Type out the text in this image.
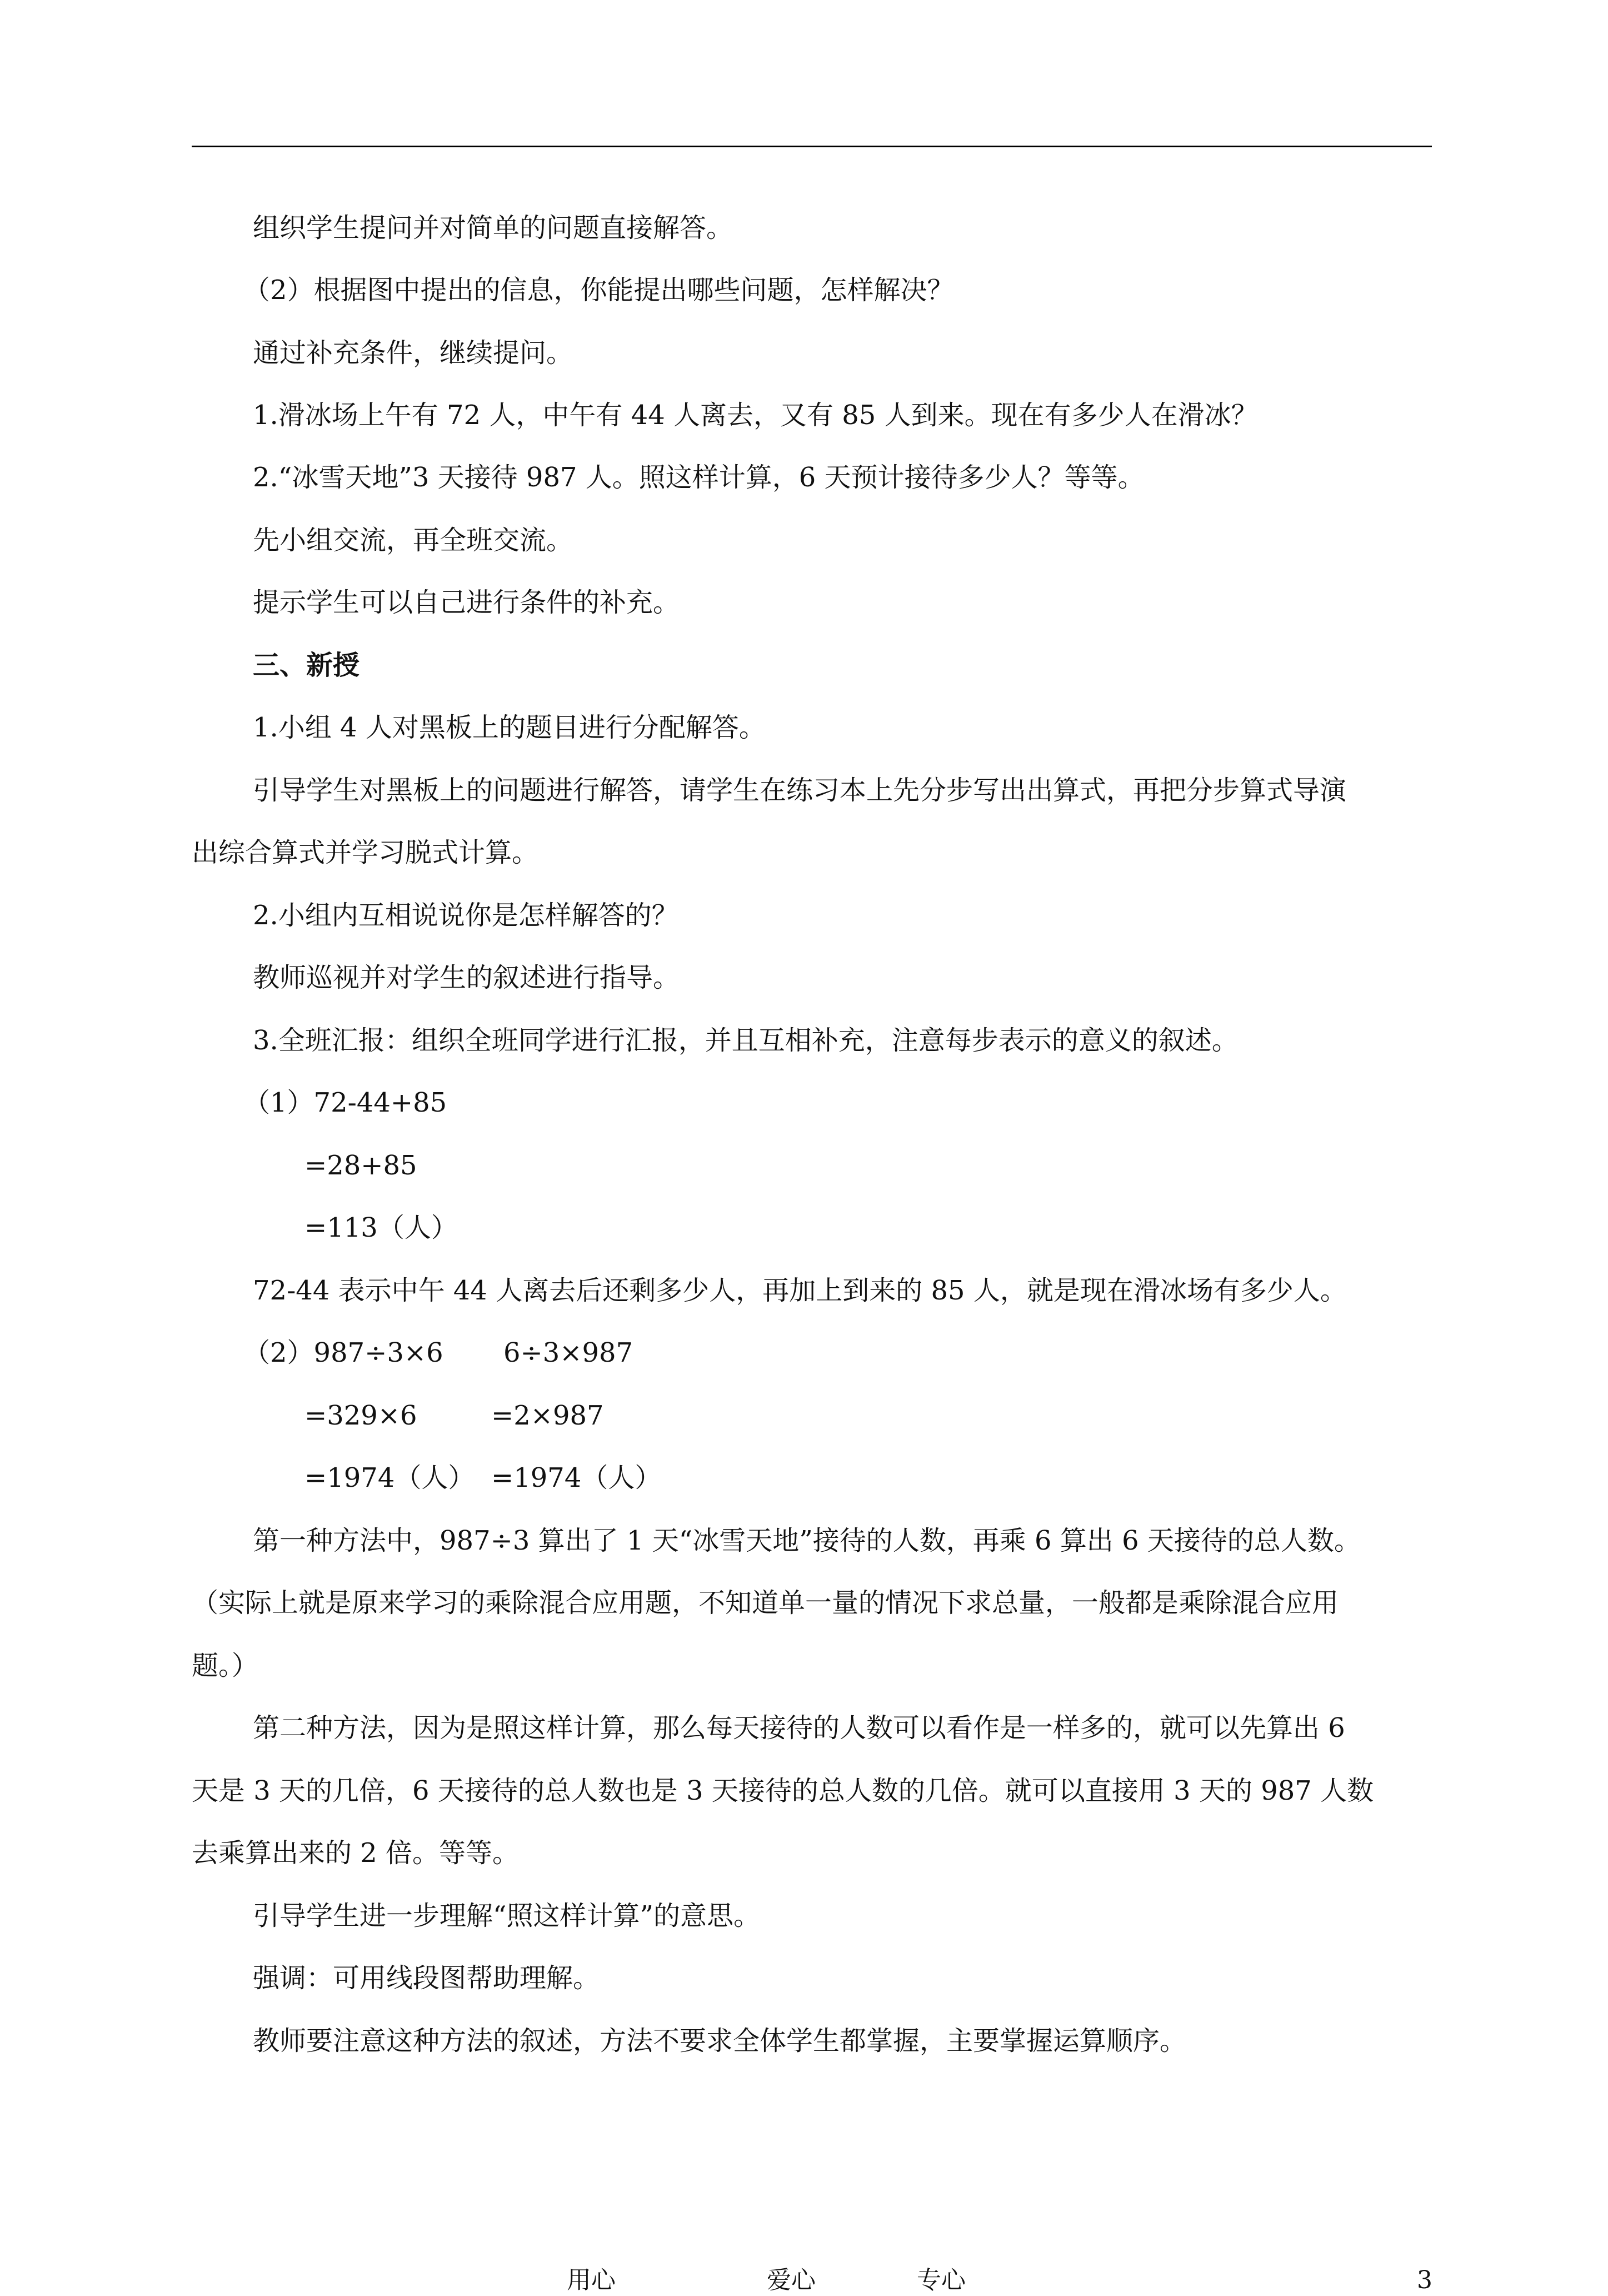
组织学生提问并对简单的问题直接解答。
（2）根据图中提出的信息，你能提出哪些问题，怎样解决？
通过补充条件，继续提问。
1.滑冰场上午有 72 人，中午有 44 人离去，又有 85 人到来。现在有多少人在滑冰？
2.“冰雪天地”3 天接待 987 人。照这样计算，6 天预计接待多少人？等等。
先小组交流，再全班交流。
提示学生可以自己进行条件的补充。
三、新授
1.小组 4 人对黑板上的题目进行分配解答。
引导学生对黑板上的问题进行解答，请学生在练习本上先分步写出出算式，再把分步算式导演
出综合算式并学习脱式计算。
2.小组内互相说说你是怎样解答的？
教师巡视并对学生的叙述进行指导。
3.全班汇报：组织全班同学进行汇报，并且互相补充，注意每步表示的意义的叙述。
（1）72-44+85
=28+85
=113（人）
72-44 表示中午 44 人离去后还剩多少人，再加上到来的 85 人，就是现在滑冰场有多少人。
（2）987÷3×6 6÷3×987
=329×6	=2×987
=1974（人） =1974（人）
第一种方法中，987÷3 算出了 1 天“冰雪天地”接待的人数，再乘 6 算出 6 天接待的总人数。
（实际上就是原来学习的乘除混合应用题，不知道单一量的情况下求总量，一般都是乘除混合应用
题。）
第二种方法，因为是照这样计算，那么每天接待的人数可以看作是一样多的，就可以先算出 6
天是 3 天的几倍，6 天接待的总人数也是 3 天接待的总人数的几倍。就可以直接用 3 天的 987 人数
去乘算出来的 2 倍。等等。
引导学生进一步理解“照这样计算”的意思。
强调：可用线段图帮助理解。
教师要注意这种方法的叙述，方法不要求全体学生都掌握，主要掌握运算顺序。
用心	爱心	专心	3
